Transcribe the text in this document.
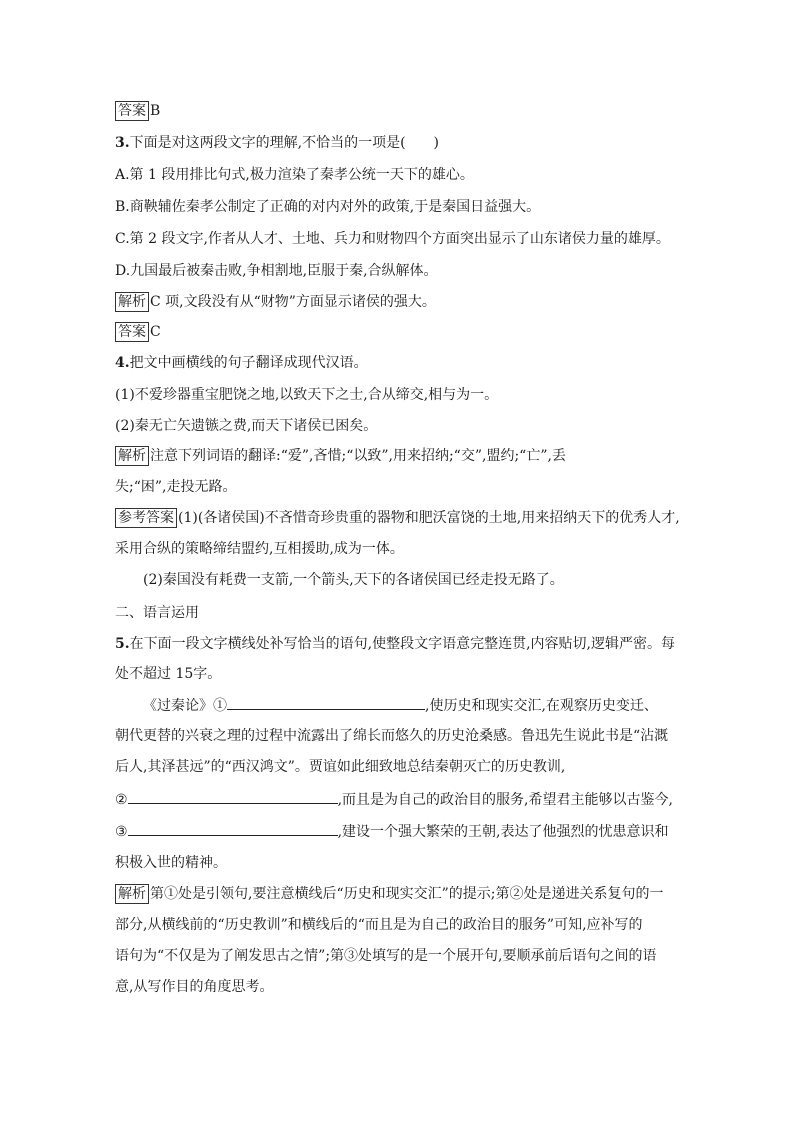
答案 B
3.下面是对这两段文字的理解,不恰当的一项是(　　)
A.第 1 段用排比句式,极力渲染了秦孝公统一天下的雄心。
B.商鞅辅佐秦孝公制定了正确的对内对外的政策,于是秦国日益强大。
C.第 2 段文字,作者从人才、土地、兵力和财物四个方面突出显示了山东诸侯力量的雄厚。
D.九国最后被秦击败,争相割地,臣服于秦,合纵解体。
解析 C 项,文段没有从“财物”方面显示诸侯的强大。
答案 C
4.把文中画横线的句子翻译成现代汉语。
(1)不爱珍器重宝肥饶之地,以致天下之士,合从缔交,相与为一。
(2)秦无亡矢遗镞之费,而天下诸侯已困矣。
解析 注意下列词语的翻译:“爱”,吝惜;“以致”,用来招纳;“交”,盟约;“亡”,丢
失;“困”,走投无路。
参考答案 (1)(各诸侯国)不吝惜奇珍贵重的器物和肥沃富饶的土地,用来招纳天下的优秀人才,
采用合纵的策略缔结盟约,互相援助,成为一体。
(2)秦国没有耗费一支箭,一个箭头,天下的各诸侯国已经走投无路了。
二、语言运用
5.在下面一段文字横线处补写恰当的语句,使整段文字语意完整连贯,内容贴切,逻辑严密。每
处不超过 15字。
《过秦论》①	,使历史和现实交汇,在观察历史变迁、
朝代更替的兴衰之理的过程中流露出了绵长而悠久的历史沧桑感。鲁迅先生说此书是“沾溉
后人,其泽甚远”的“西汉鸿文”。贾谊如此细致地总结秦朝灭亡的历史教训,
②	,而且是为自己的政治目的服务,希望君主能够以古鉴今,
③	,建设一个强大繁荣的王朝,表达了他强烈的忧患意识和
积极入世的精神。
解析 第①处是引领句,要注意横线后“历史和现实交汇”的提示;第②处是递进关系复句的一
部分,从横线前的“历史教训”和横线后的“而且是为自己的政治目的服务”可知,应补写的
语句为“不仅是为了阐发思古之情”;第③处填写的是一个展开句,要顺承前后语句之间的语
意,从写作目的角度思考。
